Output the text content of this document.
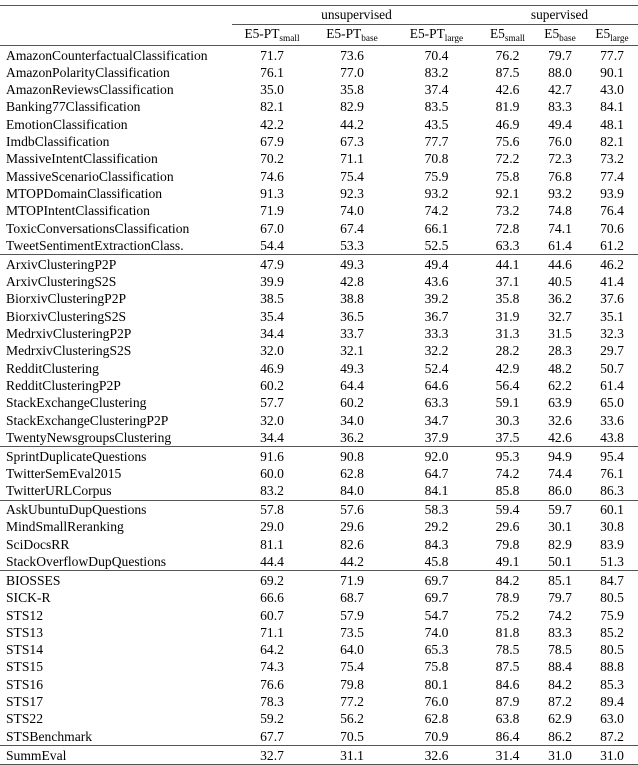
	unsupervised			supervised		

	$E5-PT_{small}$	$E5-PT_{base}$	$E5-PT_{large}$	$E5_{small}$	$E5_{base}$	$E5_{large}$

AmazonCounterfactualClassification	71.7	73.6	70.4	76.2	79.7	77.7
AmazonPolarityClassification	76.1	77.0	83.2	87.5	88.0	90.1
AmazonReviewsClassification	35.0	35.8	37.4	42.6	42.7	43.0
Banking77Classification	82.1	82.9	83.5	81.9	83.3	84.1
EmotionClassification	42.2	44.2	43.5	46.9	49.4	48.1
ImdbClassification	67.9	67.3	77.7	75.6	76.0	82.1
MassiveIntentClassification	70.2	71.1	70.8	72.2	72.3	73.2
MassiveScenarioClassification	74.6	75.4	75.9	75.8	76.8	77.4
MTOPDomainClassification	91.3	92.3	93.2	92.1	93.2	93.9
MTOPIntentClassification	71.9	74.0	74.2	73.2	74.8	76.4
ToxicConversationsClassification	67.0	67.4	66.1	72.8	74.1	70.6
TweetSentimentExtractionClass.	54.4	53.3	52.5	63.3	61.4	61.2

ArxivClusteringP2P	47.9	49.3	49.4	44.1	44.6	46.2
ArxivClusteringS2S	39.9	42.8	43.6	37.1	40.5	41.4
BiorxivClusteringP2P	38.5	38.8	39.2	35.8	36.2	37.6
BiorxivClusteringS2S	35.4	36.5	36.7	31.9	32.7	35.1
MedrxivClusteringP2P	34.4	33.7	33.3	31.3	31.5	32.3
MedrxivClusteringS2S	32.0	32.1	32.2	28.2	28.3	29.7
RedditClustering	46.9	49.3	52.4	42.9	48.2	50.7
RedditClusteringP2P	60.2	64.4	64.6	56.4	62.2	61.4
StackExchangeClustering	57.7	60.2	63.3	59.1	63.9	65.0
StackExchangeClusteringP2P	32.0	34.0	34.7	30.3	32.6	33.6
TwentyNewsgroupsClustering	34.4	36.2	37.9	37.5	42.6	43.8

SprintDuplicateQuestions	91.6	90.8	92.0	95.3	94.9	95.4
TwitterSemEval2015	60.0	62.8	64.7	74.2	74.4	76.1
TwitterURLCorpus	83.2	84.0	84.1	85.8	86.0	86.3

AskUbuntuDupQuestions	57.8	57.6	58.3	59.4	59.7	60.1
MindSmallReranking	29.0	29.6	29.2	29.6	30.1	30.8
SciDocsRR	81.1	82.6	84.3	79.8	82.9	83.9
StackOverflowDupQuestions	44.4	44.2	45.8	49.1	50.1	51.3

BIOSSES	69.2	71.9	69.7	84.2	85.1	84.7
SICK-R	66.6	68.7	69.7	78.9	79.7	80.5
STS12	60.7	57.9	54.7	75.2	74.2	75.9
STS13	71.1	73.5	74.0	81.8	83.3	85.2
STS14	64.2	64.0	65.3	78.5	78.5	80.5
STS15	74.3	75.4	75.8	87.5	88.4	88.8
STS16	76.6	79.8	80.1	84.6	84.2	85.3
STS17	78.3	77.2	76.0	87.9	87.2	89.4
STS22	59.2	56.2	62.8	63.8	62.9	63.0
STSBenchmark	67.7	70.5	70.9	86.4	86.2	87.2

SummEval	32.7	31.1	32.6	31.4	31.0	31.0
